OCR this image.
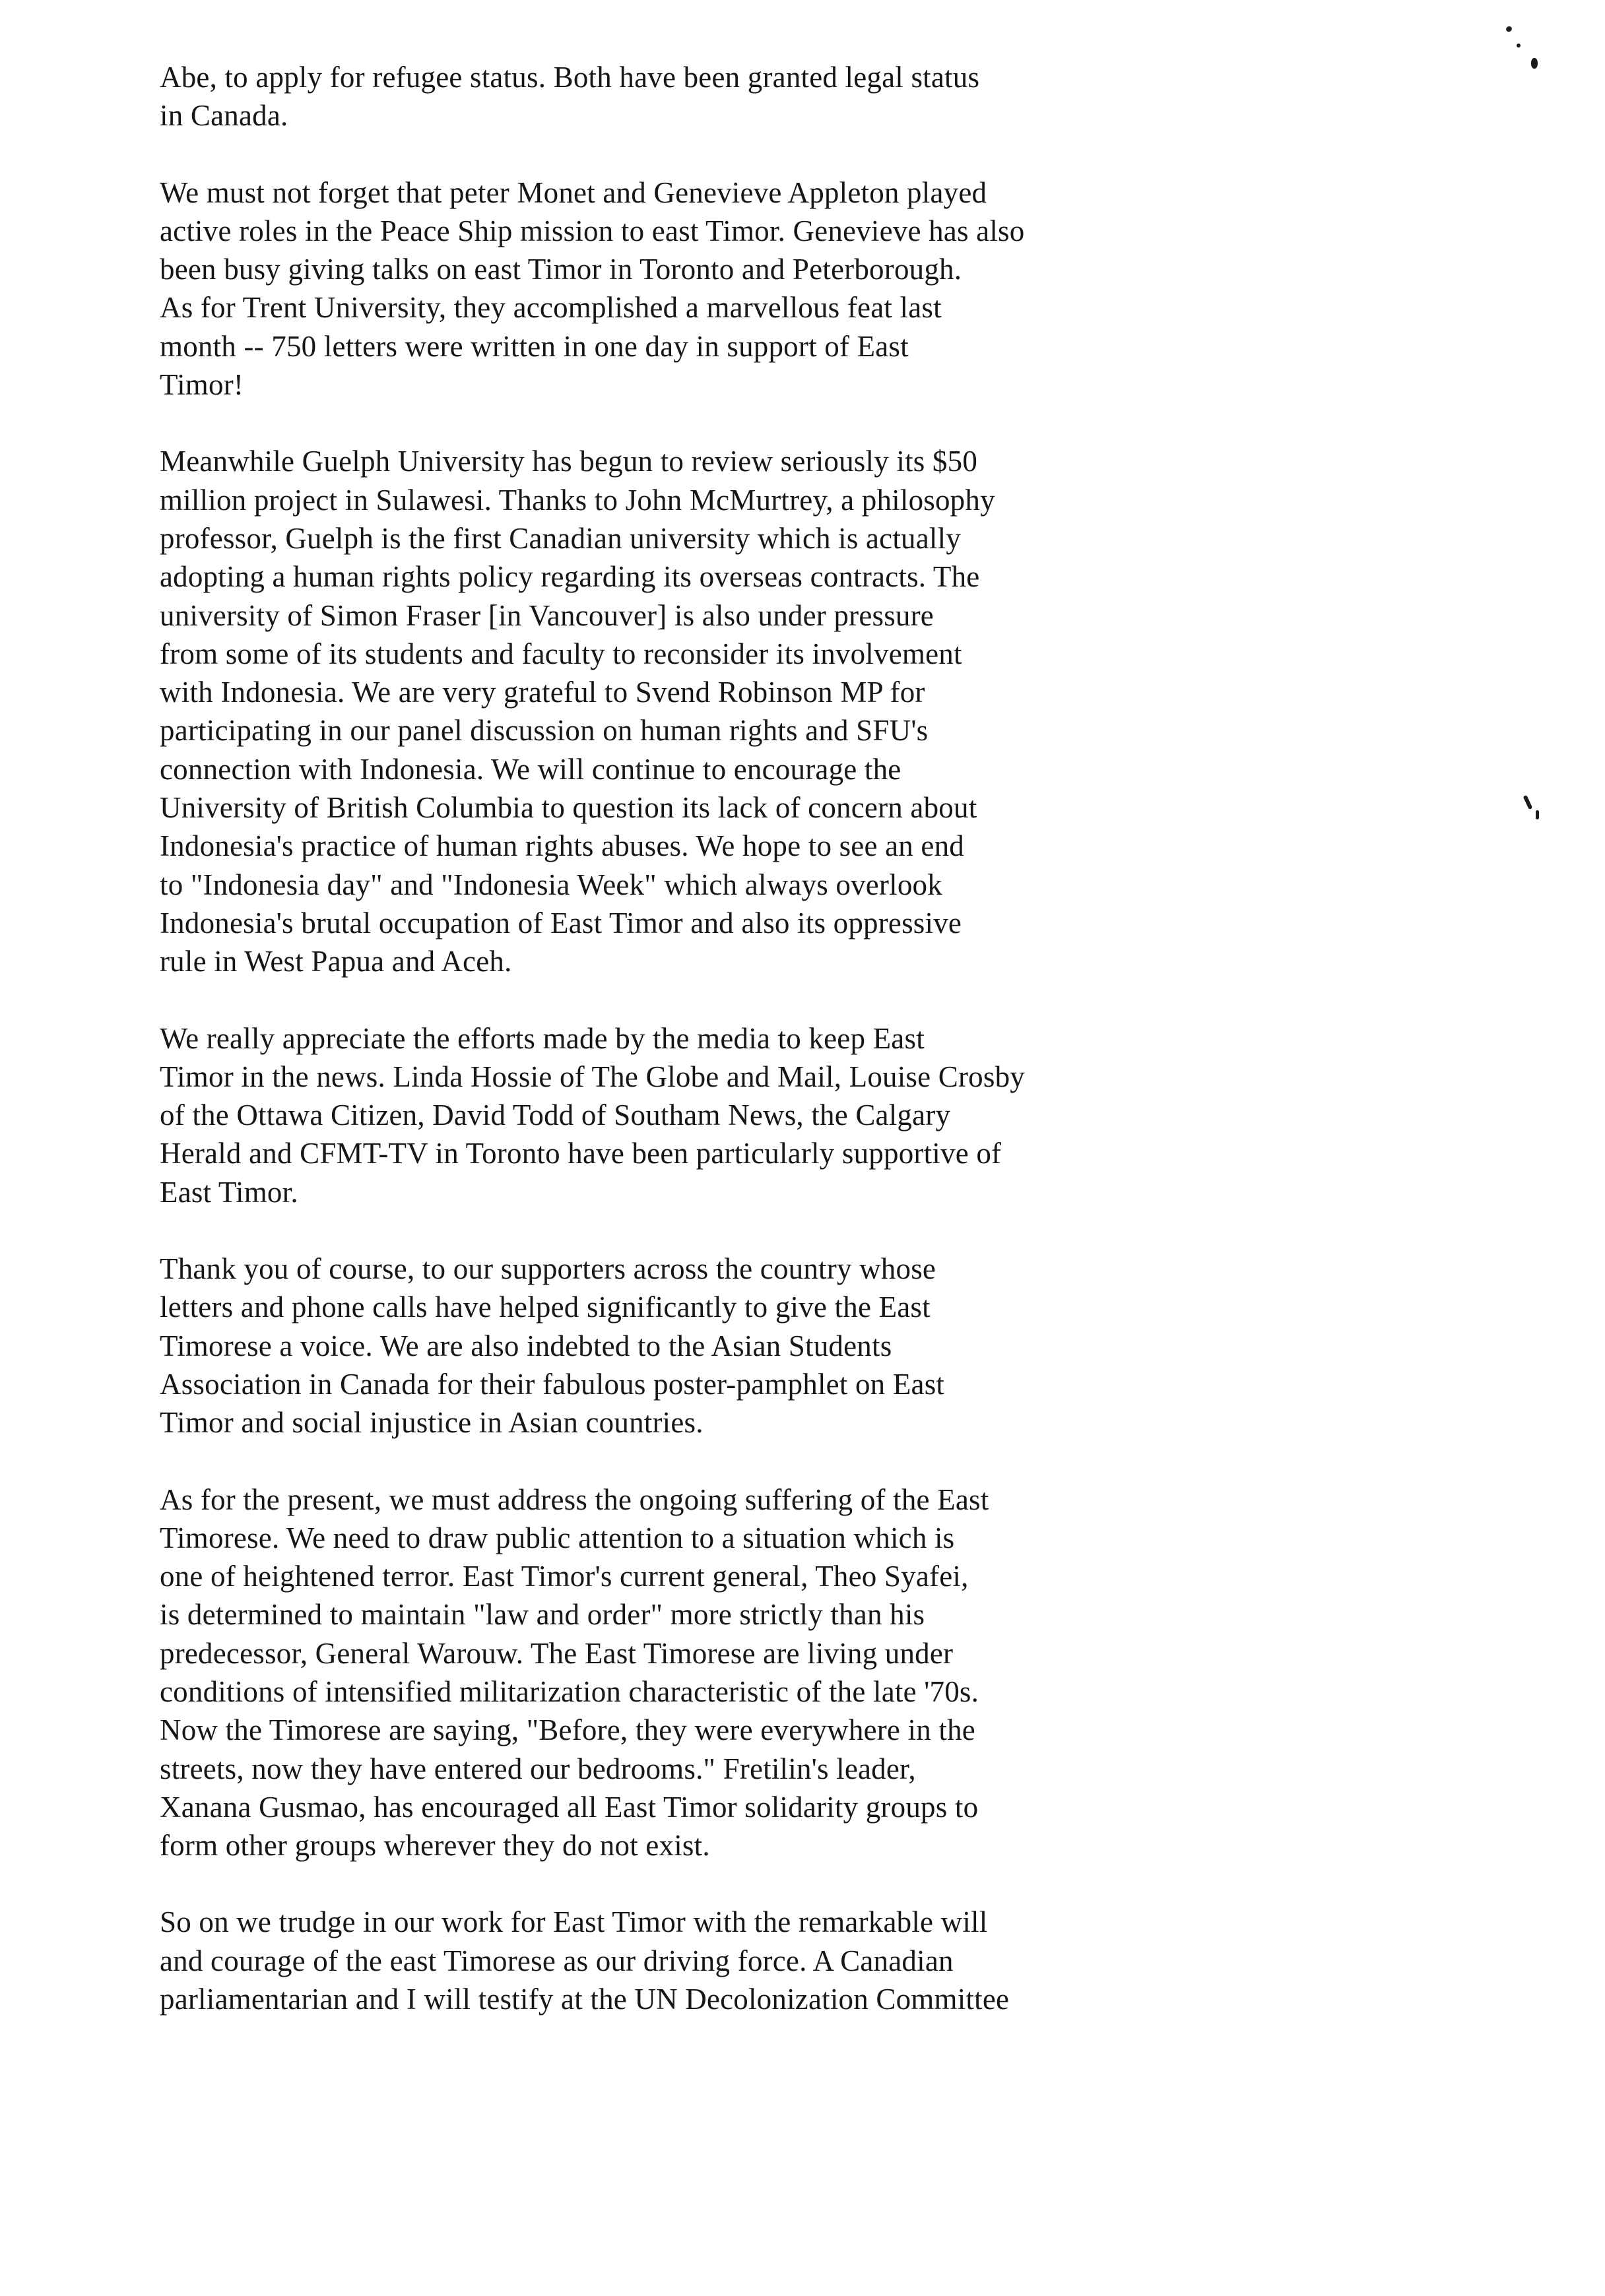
Abe, to apply for refugee status. Both have been granted legal status
in Canada.
We must not forget that peter Monet and Genevieve Appleton played
active roles in the Peace Ship mission to east Timor. Genevieve has also
been busy giving talks on east Timor in Toronto and Peterborough.
As for Trent University, they accomplished a marvellous feat last
month -- 750 letters were written in one day in support of East
Timor!
Meanwhile Guelph University has begun to review seriously its $50
million project in Sulawesi. Thanks to John McMurtrey, a philosophy
professor, Guelph is the first Canadian university which is actually
adopting a human rights policy regarding its overseas contracts. The
university of Simon Fraser [in Vancouver] is also under pressure
from some of its students and faculty to reconsider its involvement
with Indonesia. We are very grateful to Svend Robinson MP for
participating in our panel discussion on human rights and SFU's
connection with Indonesia. We will continue to encourage the
University of British Columbia to question its lack of concern about
Indonesia's practice of human rights abuses. We hope to see an end
to "Indonesia day" and "Indonesia Week" which always overlook
Indonesia's brutal occupation of East Timor and also its oppressive
rule in West Papua and Aceh.
We really appreciate the efforts made by the media to keep East
Timor in the news. Linda Hossie of The Globe and Mail, Louise Crosby
of the Ottawa Citizen, David Todd of Southam News, the Calgary
Herald and CFMT-TV in Toronto have been particularly supportive of
East Timor.
Thank you of course, to our supporters across the country whose
letters and phone calls have helped significantly to give the East
Timorese a voice. We are also indebted to the Asian Students
Association in Canada for their fabulous poster-pamphlet on East
Timor and social injustice in Asian countries.
As for the present, we must address the ongoing suffering of the East
Timorese. We need to draw public attention to a situation which is
one of heightened terror. East Timor's current general, Theo Syafei,
is determined to maintain "law and order" more strictly than his
predecessor, General Warouw. The East Timorese are living under
conditions of intensified militarization characteristic of the late '70s.
Now the Timorese are saying, "Before, they were everywhere in the
streets, now they have entered our bedrooms." Fretilin's leader,
Xanana Gusmao, has encouraged all East Timor solidarity groups to
form other groups wherever they do not exist.
So on we trudge in our work for East Timor with the remarkable will
and courage of the east Timorese as our driving force. A Canadian
parliamentarian and I will testify at the UN Decolonization Committee
